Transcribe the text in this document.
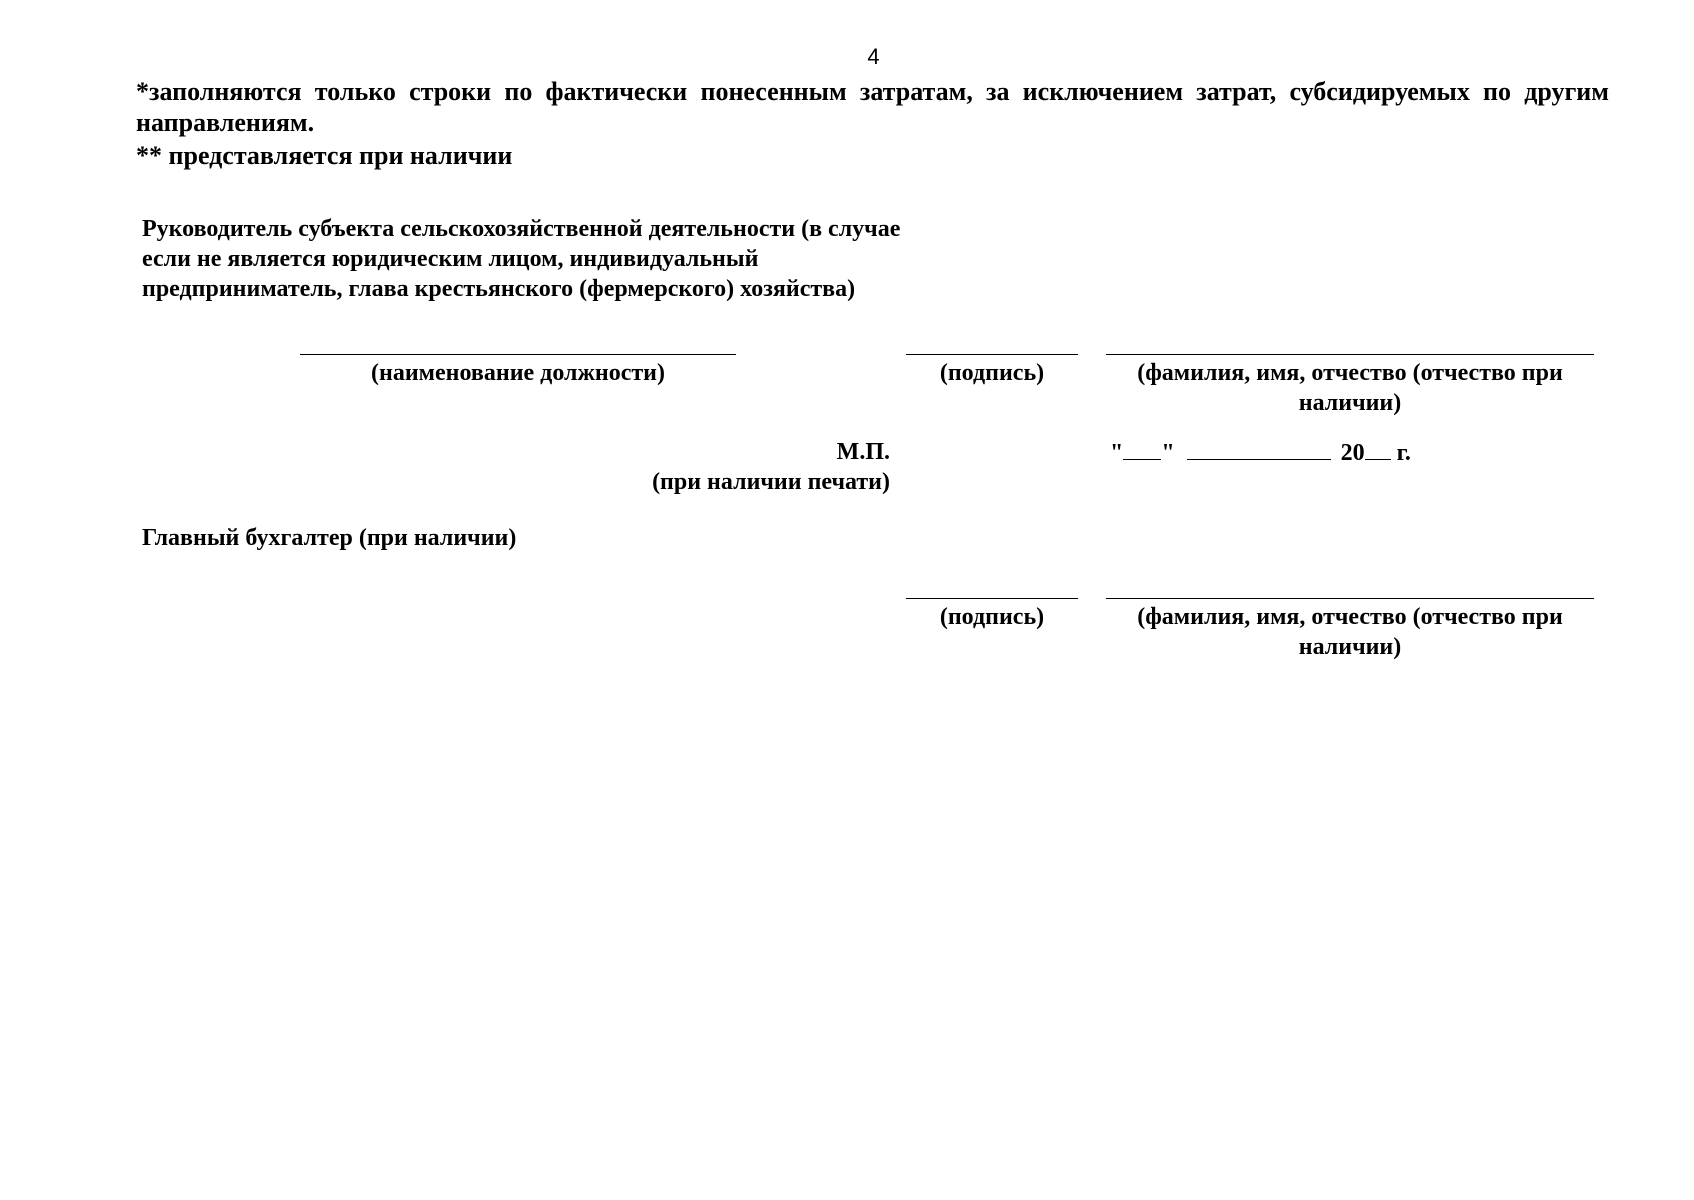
4
*заполняются только строки по фактически понесенным затратам, за исключением затрат, субсидируемых по другим направлениям.
** представляется при наличии
Руководитель субъекта сельскохозяйственной деятельности (в случае если не является юридическим лицом, индивидуальный предприниматель, глава крестьянского (фермерского) хозяйства)
(наименование должности)	(подпись)	(фамилия, имя, отчество (отчество при наличии)
М.П.
(при наличии печати)
" "	20 г.
Главный бухгалтер (при наличии)
(подпись)	(фамилия, имя, отчество (отчество при наличии)
